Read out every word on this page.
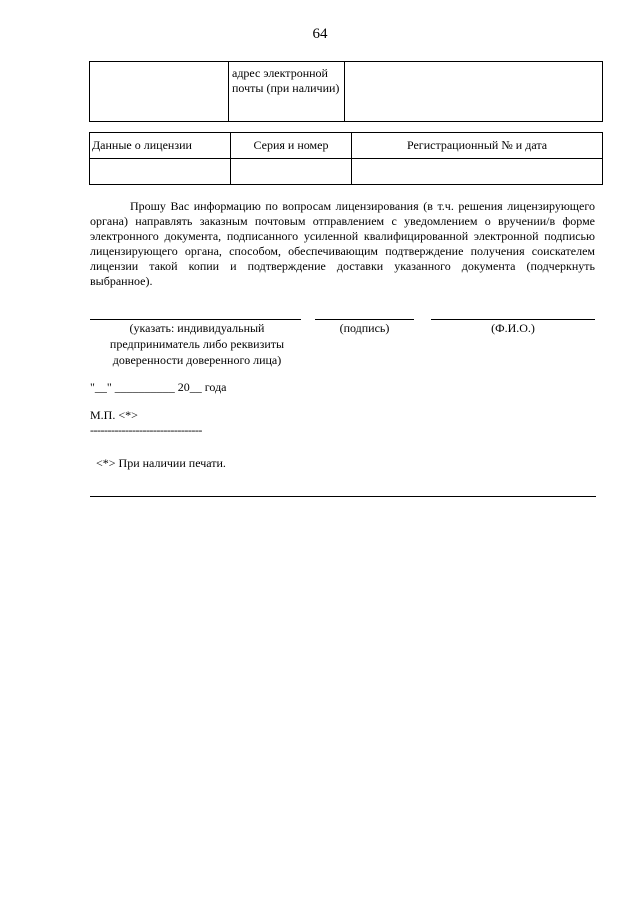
64
	адрес электронной почты (при наличии)	
Данные о лицензии	Серия и номер	Регистрационный № и дата

Прошу Вас информацию по вопросам лицензирования (в т.ч. решения лицензирующего органа) направлять заказным почтовым отправлением с уведомлением о вручении/в форме электронного документа, подписанного усиленной квалифицированной электронной подписью лицензирующего органа, способом, обеспечивающим подтверждение получения соискателем лицензии такой копии и подтверждение доставки указанного документа (подчеркнуть выбранное).

(указать: индивидуальный предприниматель либо реквизиты доверенности доверенного лица)
(подпись)	(Ф.И.О.)
"__" __________ 20__ года
М.П. <*>
--------------------------------
<*> При наличии печати.
